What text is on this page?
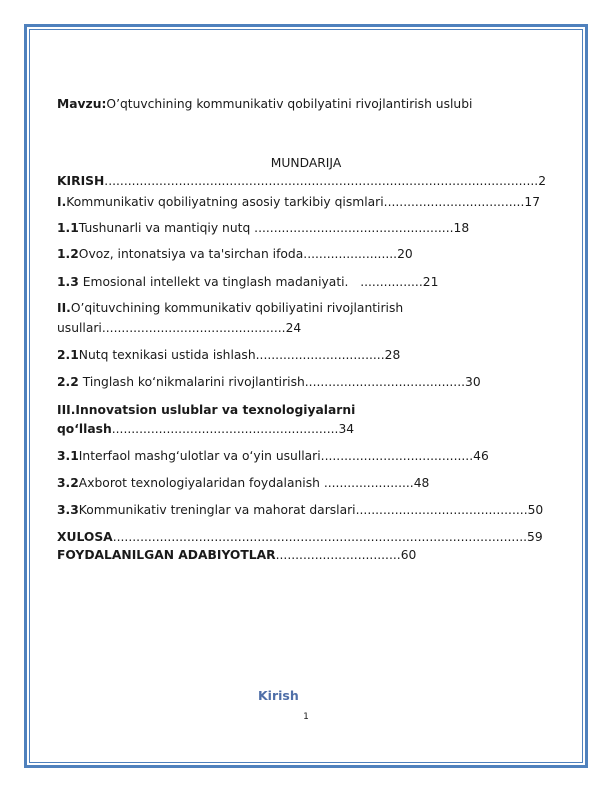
Mavzu:O’qtuvchining kommunikativ qobilyatini rivojlantirish uslubi
MUNDARIJA
KIRISH...............................................................................................................2
I.Kommunikativ qobiliyatning asosiy tarkibiy qismlari....................................17
1.1Tushunarli va mantiqiy nutq ...................................................18
1.2Ovoz, intonatsiya va ta'sirchan ifoda........................20
1.3 Emosional intellekt va tinglash madaniyati.   ................21
II.O’qituvchining kommunikativ qobiliyatini rivojlantirish
usullari...............................................24
2.1Nutq texnikasi ustida ishlash.................................28
2.2 Tinglash ko‘nikmalarini rivojlantirish.........................................30
III.Innovatsion uslublar va texnologiyalarni
qo‘llash..........................................................34
3.1Interfaol mashg‘ulotlar va o‘yin usullari.......................................46
3.2Axborot texnologiyalaridan foydalanish .......................48
3.3Kommunikativ treninglar va mahorat darslari............................................50
XULOSA..........................................................................................................59
FOYDALANILGAN ADABIYOTLAR................................60
Kirish
1
